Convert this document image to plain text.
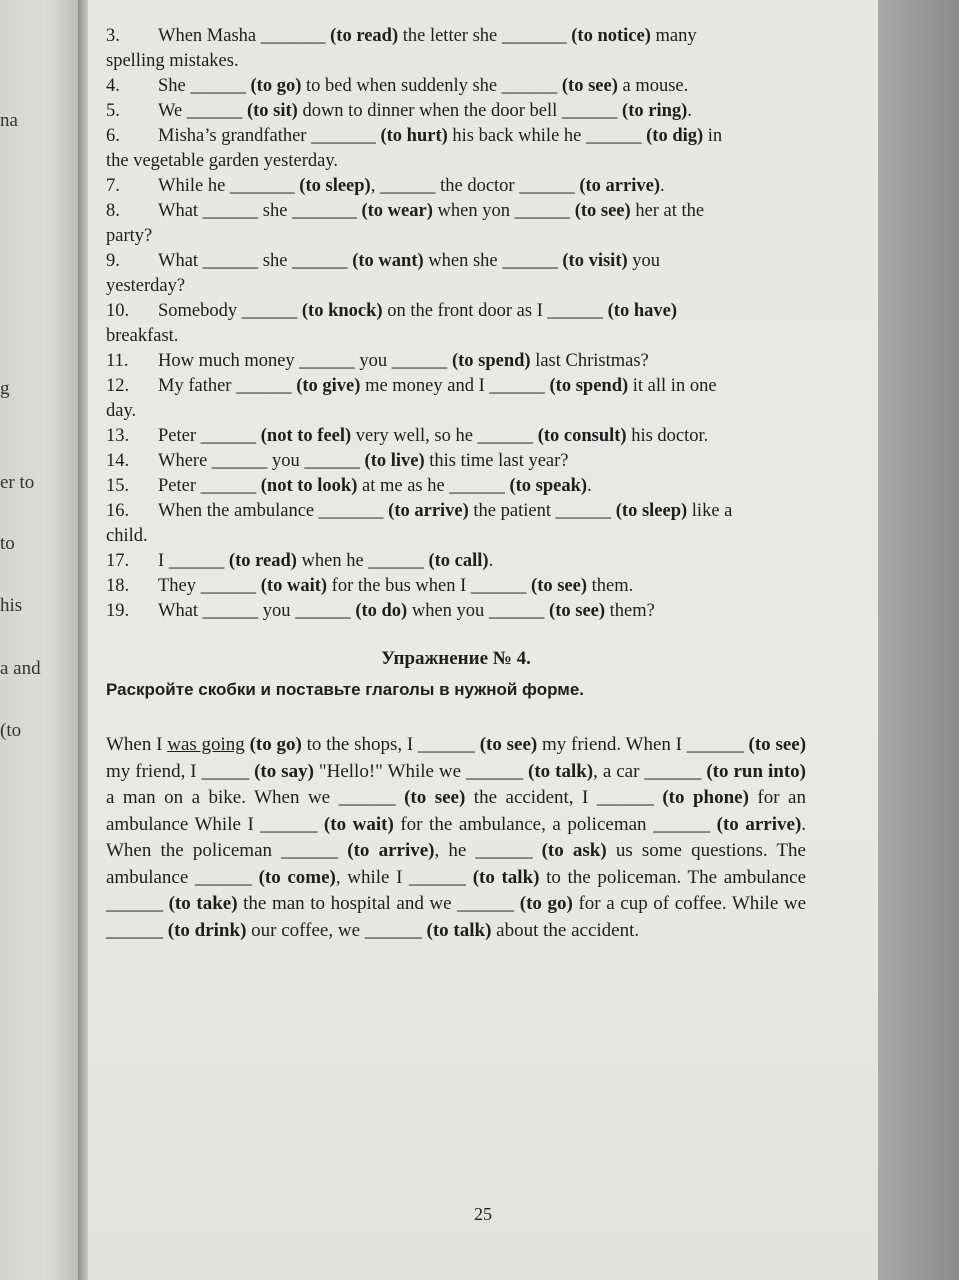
na
g
er to
to
his
a and
(to
3. When Masha _______ (to read) the letter she _______ (to notice) many
spelling mistakes.
4. She ______ (to go) to bed when suddenly she ______ (to see) a mouse.
5. We ______ (to sit) down to dinner when the door bell ______ (to ring).
6. Misha’s grandfather _______ (to hurt) his back while he ______ (to dig) in
the vegetable garden yesterday.
7. While he _______ (to sleep), ______ the doctor ______ (to arrive).
8. What ______ she _______ (to wear) when yon ______ (to see) her at the
party?
9. What ______ she ______ (to want) when she ______ (to visit) you
yesterday?
10. Somebody ______ (to knock) on the front door as I ______ (to have)
breakfast.
11. How much money ______ you ______ (to spend) last Christmas?
12. My father ______ (to give) me money and I ______ (to spend) it all in one
day.
13. Peter ______ (not to feel) very well, so he ______ (to consult) his doctor.
14. Where ______ you ______ (to live) this time last year?
15. Peter ______ (not to look) at me as he ______ (to speak).
16. When the ambulance _______ (to arrive) the patient ______ (to sleep) like a
child.
17. I ______ (to read) when he ______ (to call).
18. They ______ (to wait) for the bus when I ______ (to see) them.
19. What ______ you ______ (to do) when you ______ (to see) them?
Упражнение № 4.
Раскройте скобки и поставьте глаголы в нужной форме.
When I was going (to go) to the shops, I ______ (to see) my friend. When I ______ (to see) my friend, I _____ (to say) "Hello!" While we ______ (to talk), a car ______ (to run into) a man on a bike. When we ______ (to see) the accident, I ______ (to phone) for an ambulance While I ______ (to wait) for the ambulance, a policeman ______ (to arrive). When the policeman ______ (to arrive), he ______ (to ask) us some questions. The ambulance ______ (to come), while I ______ (to talk) to the policeman. The ambulance ______ (to take) the man to hospital and we ______ (to go) for a cup of coffee. While we ______ (to drink) our coffee, we ______ (to talk) about the accident.
25
